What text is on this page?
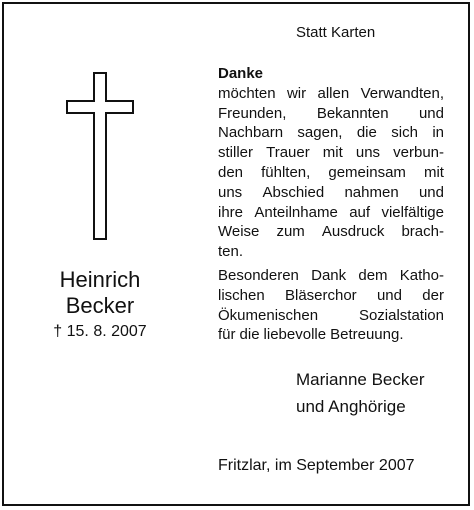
Statt Karten
Heinrich
Becker
† 15. 8. 2007
Danke
möchten wir allen Verwandten,
Freunden, Bekannten und
Nachbarn sagen, die sich in
stiller Trauer mit uns verbun-
den fühlten, gemeinsam mit
uns Abschied nahmen und
ihre Anteilnhame auf vielfältige
Weise zum Ausdruck brach-
ten.
Besonderen Dank dem Katho-
lischen Bläserchor und der
Ökumenischen	Sozialstation
für die liebevolle Betreuung.
Marianne Becker
und Anghörige
Fritzlar, im September 2007
